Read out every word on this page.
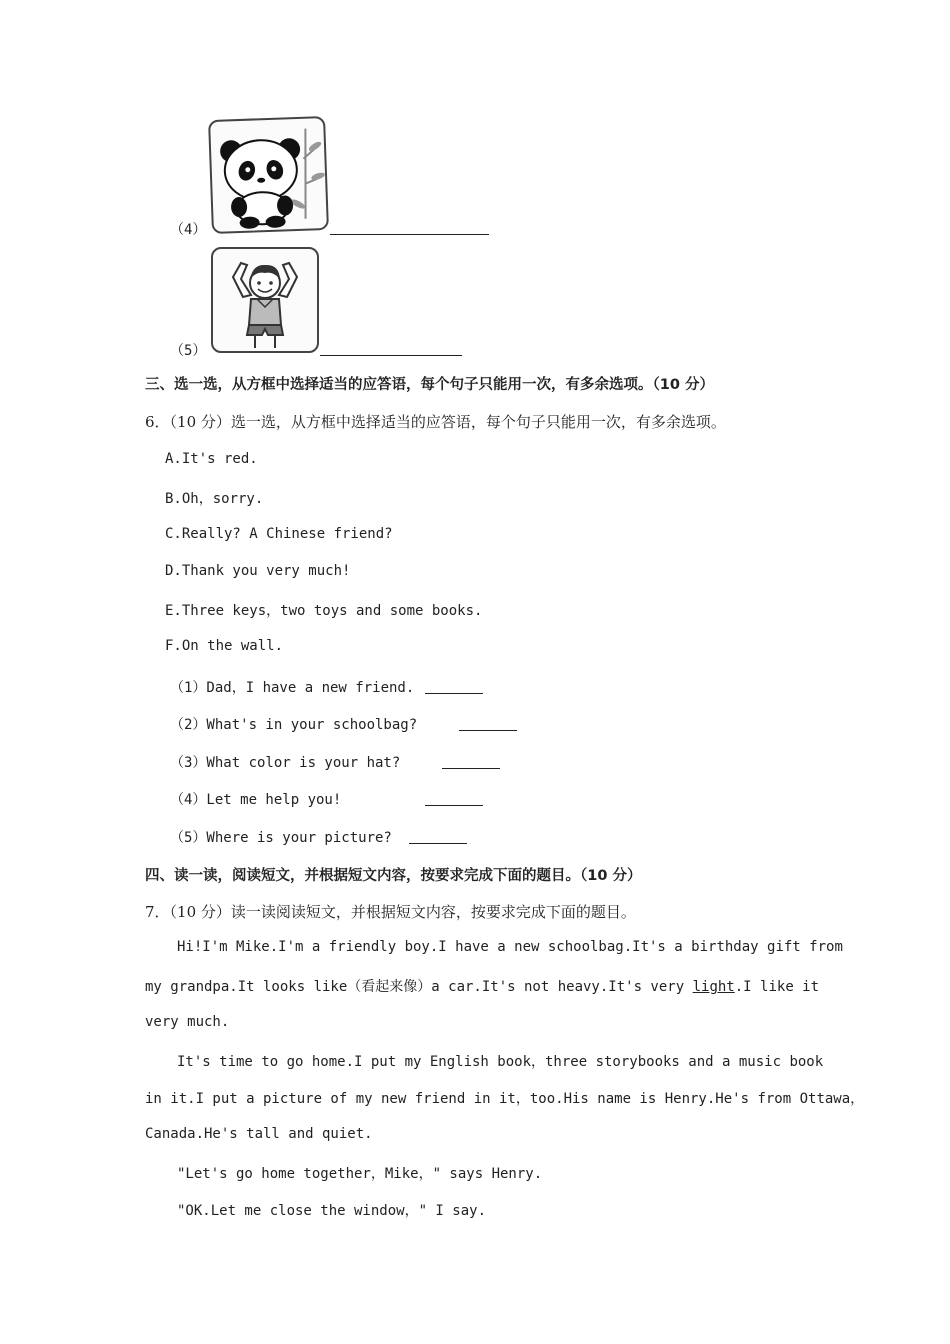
（4）
（5）
三、选一选，从方框中选择适当的应答语，每个句子只能用一次，有多余选项。（10 分）
6．（10 分）选一选，从方框中选择适当的应答语，每个句子只能用一次，有多余选项。
A.It's red.
B.Oh，sorry.
C.Really? A Chinese friend?
D.Thank you very much!
E.Three keys，two toys and some books.
F.On the wall.
（1）Dad，I have a new friend.
（2）What's in your schoolbag?
（3）What color is your hat?
（4）Let me help you!
（5）Where is your picture?
四、读一读，阅读短文，并根据短文内容，按要求完成下面的题目。（10 分）
7．（10 分）读一读阅读短文，并根据短文内容，按要求完成下面的题目。
Hi!I'm Mike.I'm a friendly boy.I have a new schoolbag.It's a birthday gift from
my grandpa.It looks like（看起来像）a car.It's not heavy.It's very light.I like it
very much.
It's time to go home.I put my English book，three storybooks and a music book
in it.I put a picture of my new friend in it，too.His name is Henry.He's from Ottawa，
Canada.He's tall and quiet.
"Let's go home together，Mike，" says Henry.
"OK.Let me close the window，" I say.
